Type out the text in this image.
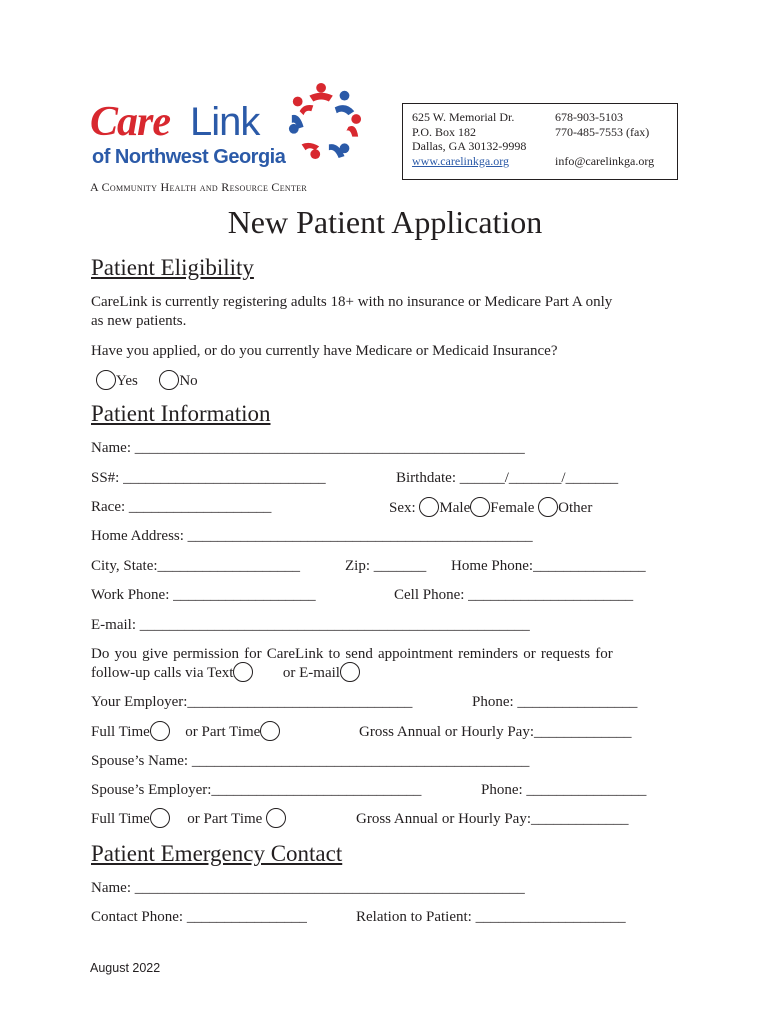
Care Link
of Northwest Georgia
A Community Health and Resource Center
625 W. Memorial Dr.
P.O. Box 182
Dallas, GA 30132-9998
www.carelinkga.org
678-903-5103
770-485-7553 (fax)

info@carelinkga.org
New Patient Application
Patient Eligibility
CareLink is currently registering adults 18+ with no insurance or Medicare Part A only
as new patients.
Have you applied, or do you currently have Medicare or Medicaid Insurance?
Yes	No
Patient Information
Name: ____________________________________________________
SS#: ___________________________	Birthdate: ______/_______/_______
Race: ___________________	Sex: Male Female Other
Home Address: ______________________________________________
City, State:___________________	Zip: _______ Home Phone:_______________
Work Phone: ___________________	Cell Phone: ______________________
E-mail: ____________________________________________________
Do you give permission for CareLink to send appointment reminders or requests for
follow-up calls via Text	or E-mail
Your Employer:______________________________	Phone: ________________
Full Time or Part Time	Gross Annual or Hourly Pay:_____________
Spouse’s Name: _____________________________________________
Spouse’s Employer:____________________________	Phone: ________________
Full Time	or Part Time	Gross Annual or Hourly Pay:_____________
Patient Emergency Contact
Name: ____________________________________________________
Contact Phone: ________________	Relation to Patient: ____________________
August 2022
